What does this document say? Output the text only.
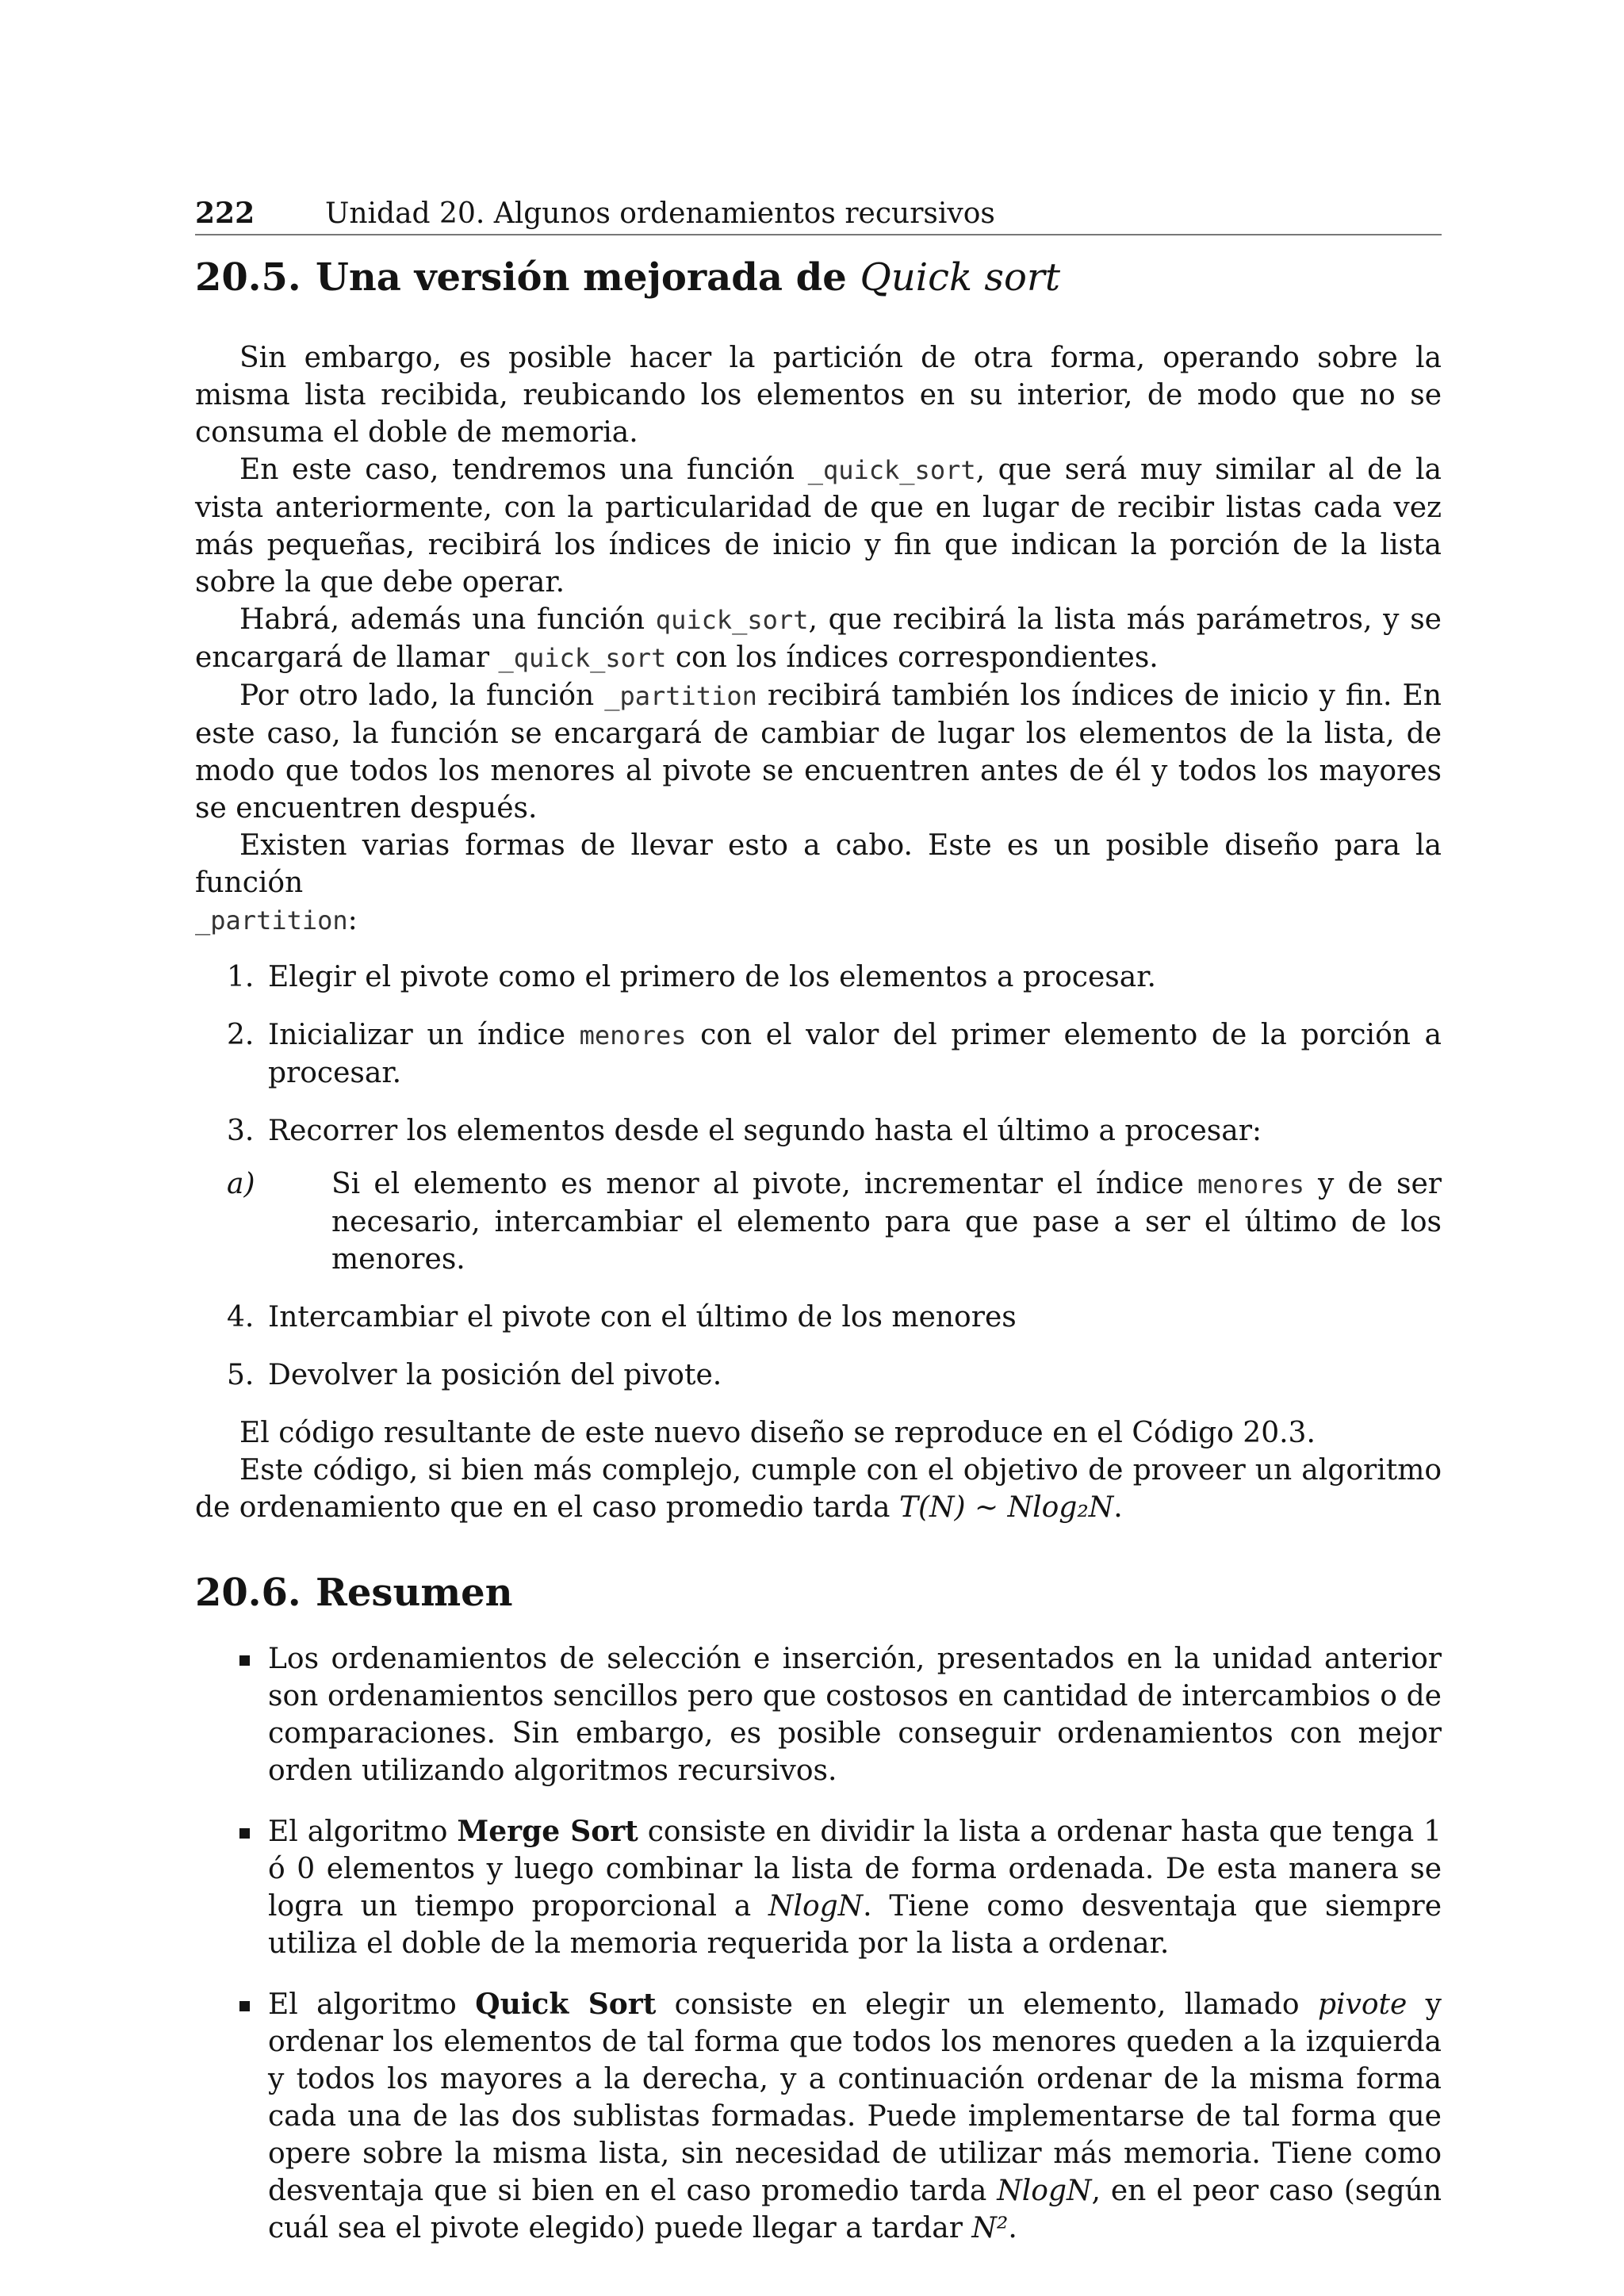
222 Unidad 20. Algunos ordenamientos recursivos
20.5. Una versión mejorada de Quick sort

Sin embargo, es posible hacer la partición de otra forma, operando sobre la misma lista recibida, reubicando los elementos en su interior, de modo que no se consuma el doble de memoria.

En este caso, tendremos una función _quick_sort, que será muy similar al de la vista anteriormente, con la particularidad de que en lugar de recibir listas cada vez más pequeñas, recibirá los índices de inicio y fin que indican la porción de la lista sobre la que debe operar.

Habrá, además una función quick_sort, que recibirá la lista más parámetros, y se encargará de llamar _quick_sort con los índices correspondientes.

Por otro lado, la función _partition recibirá también los índices de inicio y fin. En este caso, la función se encargará de cambiar de lugar los elementos de la lista, de modo que todos los menores al pivote se encuentren antes de él y todos los mayores se encuentren después.

Existen varias formas de llevar esto a cabo. Este es un posible diseño para la función

_partition:

1. Elegir el pivote como el primero de los elementos a procesar.
2. Inicializar un índice menores con el valor del primer elemento de la porción a procesar.
3. Recorrer los elementos desde el segundo hasta el último a procesar:
a)	Si el elemento es menor al pivote, incrementar el índice menores y de ser necesario, intercambiar el elemento para que pase a ser el último de los menores.
4. Intercambiar el pivote con el último de los menores
5. Devolver la posición del pivote.

El código resultante de este nuevo diseño se reproduce en el Código 20.3.

Este código, si bien más complejo, cumple con el objetivo de proveer un algoritmo de ordenamiento que en el caso promedio tarda T(N) ∼ Nlog₂N.

20.6. Resumen
Los ordenamientos de selección e inserción, presentados en la unidad anterior son ordenamientos sencillos pero que costosos en cantidad de intercambios o de comparaciones. Sin embargo, es posible conseguir ordenamientos con mejor orden utilizando algoritmos recursivos.
El algoritmo Merge Sort consiste en dividir la lista a ordenar hasta que tenga 1 ó 0 elementos y luego combinar la lista de forma ordenada. De esta manera se logra un tiempo proporcional a NlogN. Tiene como desventaja que siempre utiliza el doble de la memoria requerida por la lista a ordenar.
El algoritmo Quick Sort consiste en elegir un elemento, llamado pivote y ordenar los elementos de tal forma que todos los menores queden a la izquierda y todos los mayores a la derecha, y a continuación ordenar de la misma forma cada una de las dos sublistas formadas. Puede implementarse de tal forma que opere sobre la misma lista, sin necesidad de utilizar más memoria. Tiene como desventaja que si bien en el caso promedio tarda NlogN, en el peor caso (según cuál sea el pivote elegido) puede llegar a tardar N².
